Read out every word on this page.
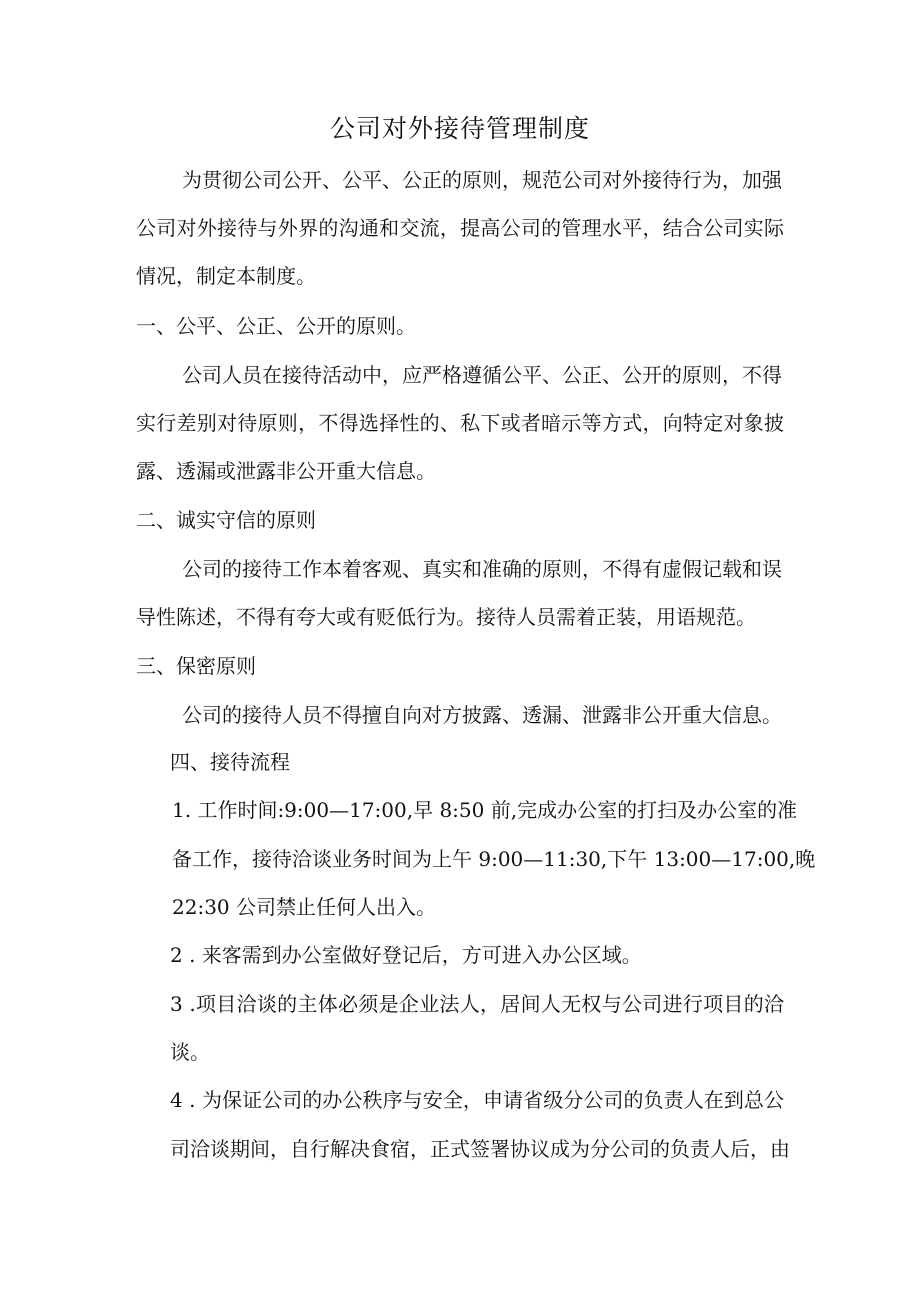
公司对外接待管理制度

为贯彻公司公开、公平、公正的原则，规范公司对外接待行为，加强

公司对外接待与外界的沟通和交流，提高公司的管理水平，结合公司实际

情况，制定本制度。

一、公平、公正、公开的原则。

公司人员在接待活动中，应严格遵循公平、公正、公开的原则，不得

实行差别对待原则，不得选择性的、私下或者暗示等方式，向特定对象披

露、透漏或泄露非公开重大信息。

二、诚实守信的原则

公司的接待工作本着客观、真实和准确的原则，不得有虚假记载和误

导性陈述，不得有夸大或有贬低行为。接待人员需着正装，用语规范。

三、保密原则

公司的接待人员不得擅自向对方披露、透漏、泄露非公开重大信息。

四、接待流程

1. 工作时间:9:00—17:00,早 8:50 前,完成办公室的打扫及办公室的准

备工作，接待洽谈业务时间为上午 9:00—11:30,下午 13:00—17:00,晚

22:30 公司禁止任何人出入。

2 . 来客需到办公室做好登记后，方可进入办公区域。

3 .项目洽谈的主体必须是企业法人，居间人无权与公司进行项目的洽

谈。

4 . 为保证公司的办公秩序与安全，申请省级分公司的负责人在到总公

司洽谈期间，自行解决食宿，正式签署协议成为分公司的负责人后，由
